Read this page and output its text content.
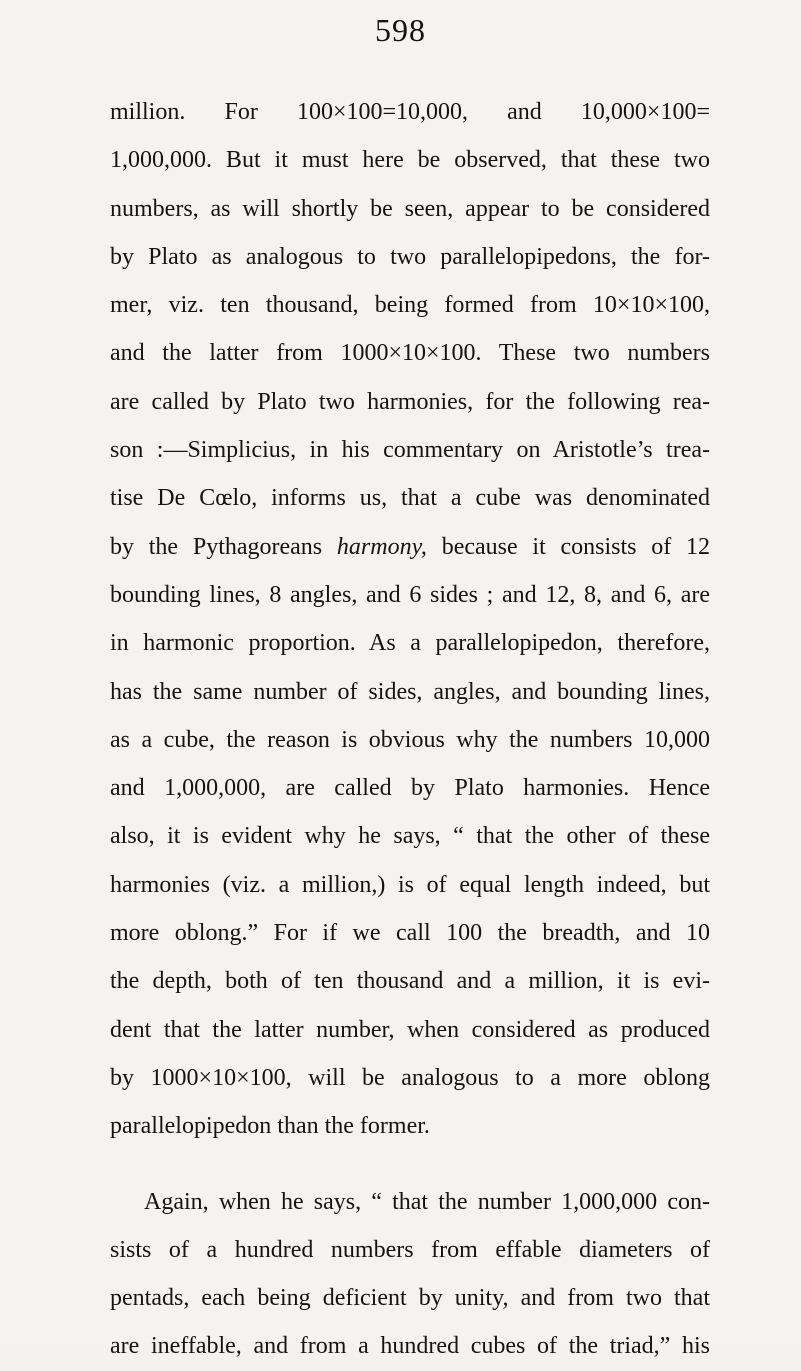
598
million. For 100×100=10,000, and 10,000×100=
1,000,000. But it must here be observed, that these two
numbers, as will shortly be seen, appear to be considered
by Plato as analogous to two parallelopipedons, the for-
mer, viz. ten thousand, being formed from 10×10×100,
and the latter from 1000×10×100. These two numbers
are called by Plato two harmonies, for the following rea-
son :—Simplicius, in his commentary on Aristotle’s trea-
tise De Cœlo, informs us, that a cube was denominated
by the Pythagoreans harmony, because it consists of 12
bounding lines, 8 angles, and 6 sides ; and 12, 8, and 6, are
in harmonic proportion. As a parallelopipedon, therefore,
has the same number of sides, angles, and bounding lines,
as a cube, the reason is obvious why the numbers 10,000
and 1,000,000, are called by Plato harmonies. Hence
also, it is evident why he says, “ that the other of these
harmonies (viz. a million,) is of equal length indeed, but
more oblong.” For if we call 100 the breadth, and 10
the depth, both of ten thousand and a million, it is evi-
dent that the latter number, when considered as produced
by 1000×10×100, will be analogous to a more oblong
parallelopipedon than the former.
Again, when he says, “ that the number 1,000,000 con-
sists of a hundred numbers from effable diameters of
pentads, each being deficient by unity, and from two that
are ineffable, and from a hundred cubes of the triad,” his
